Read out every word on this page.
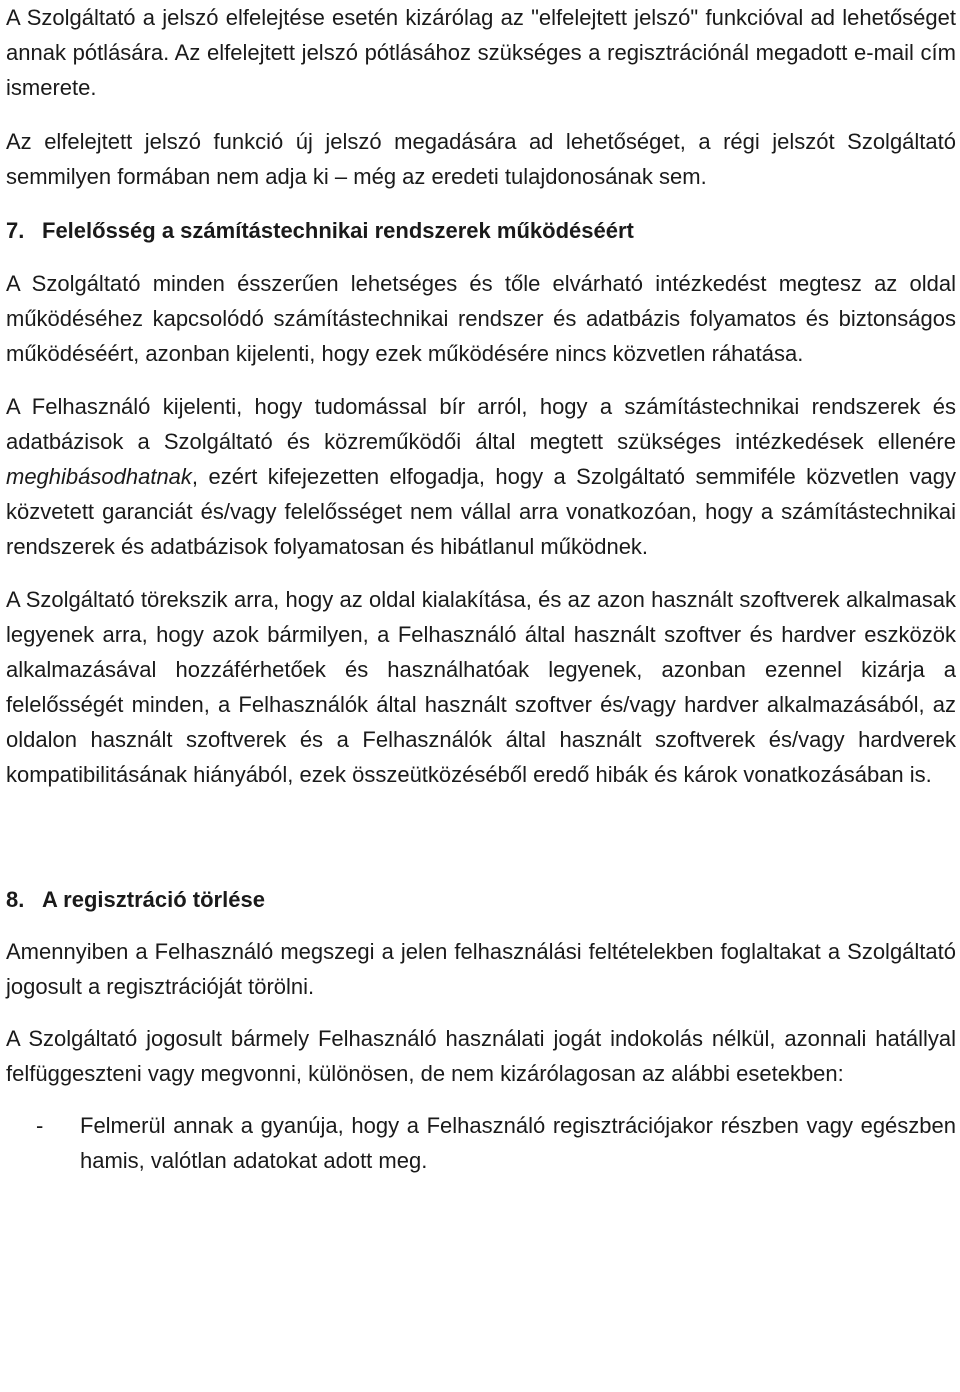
A Szolgáltató a jelszó elfelejtése esetén kizárólag az "elfelejtett jelszó" funkcióval ad lehetőséget annak pótlására. Az elfelejtett jelszó pótlásához szükséges a regisztrációnál megadott e-mail cím ismerete.

Az elfelejtett jelszó funkció új jelszó megadására ad lehetőséget, a régi jelszót Szolgáltató semmilyen formában nem adja ki – még az eredeti tulajdonosának sem.

7. Felelősség a számítástechnikai rendszerek működéséért

A Szolgáltató minden ésszerűen lehetséges és tőle elvárható intézkedést megtesz az oldal működéséhez kapcsolódó számítástechnikai rendszer és adatbázis folyamatos és biztonságos működéséért, azonban kijelenti, hogy ezek működésére nincs közvetlen ráhatása.

A Felhasználó kijelenti, hogy tudomással bír arról, hogy a számítástechnikai rendszerek és adatbázisok a Szolgáltató és közreműködői által megtett szükséges intézkedések ellenére meghibásodhatnak, ezért kifejezetten elfogadja, hogy a Szolgáltató semmiféle közvetlen vagy közvetett garanciát és/vagy felelősséget nem vállal arra vonatkozóan, hogy a számítástechnikai rendszerek és adatbázisok folyamatosan és hibátlanul működnek.

A Szolgáltató törekszik arra, hogy az oldal kialakítása, és az azon használt szoftverek alkalmasak legyenek arra, hogy azok bármilyen, a Felhasználó által használt szoftver és hardver eszközök alkalmazásával hozzáférhetőek és használhatóak legyenek, azonban ezennel kizárja a felelősségét minden, a Felhasználók által használt szoftver és/vagy hardver alkalmazásából, az oldalon használt szoftverek és a Felhasználók által használt szoftverek és/vagy hardverek kompatibilitásának hiányából, ezek összeütközéséből eredő hibák és károk vonatkozásában is.

8. A regisztráció törlése

Amennyiben a Felhasználó megszegi a jelen felhasználási feltételekben foglaltakat a Szolgáltató jogosult a regisztrációját törölni.

A Szolgáltató jogosult bármely Felhasználó használati jogát indokolás nélkül, azonnali hatállyal felfüggeszteni vagy megvonni, különösen, de nem kizárólagosan az alábbi esetekben:

- Felmerül annak a gyanúja, hogy a Felhasználó regisztrációjakor részben vagy egészben hamis, valótlan adatokat adott meg.
